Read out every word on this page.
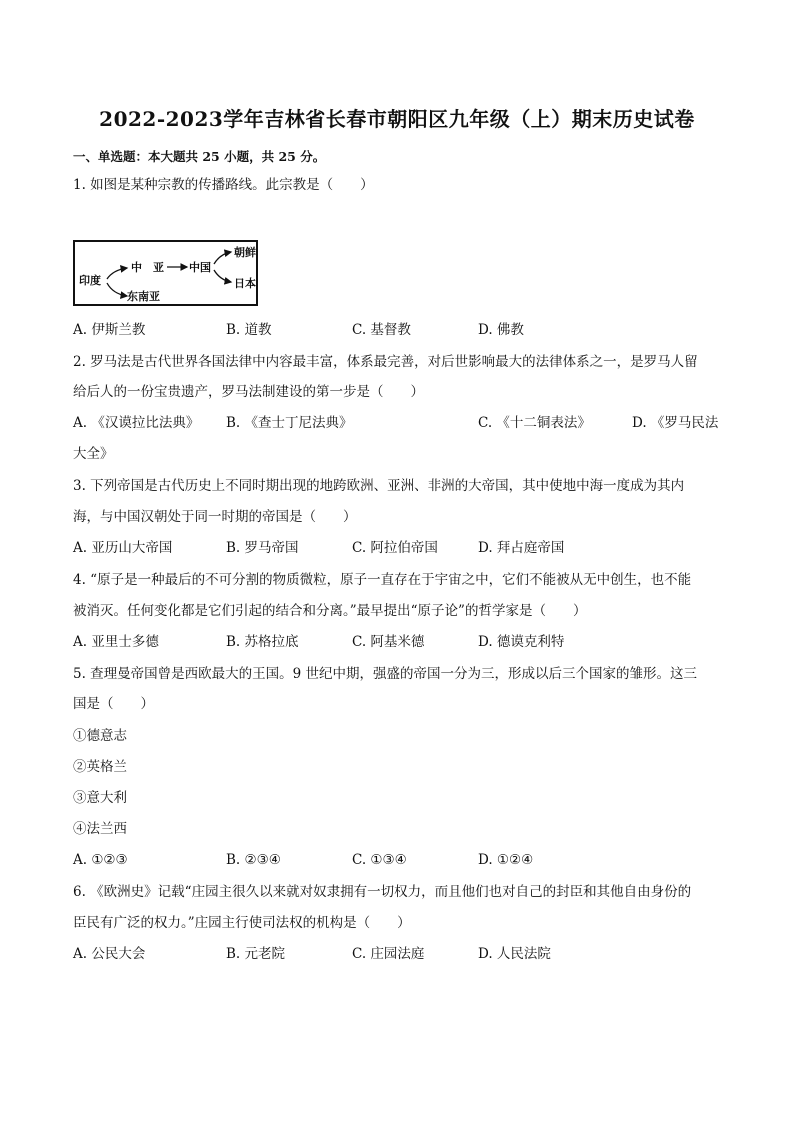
2022-2023学年吉林省长春市朝阳区九年级（上）期末历史试卷
一、单选题：本大题共 25 小题，共 25 分。
1. 如图是某种宗教的传播路线。此宗教是（　　）
印度
中　亚
东南亚
中国
朝鲜
日本
A. 伊斯兰教	B. 道教	C. 基督教	D. 佛教
2. 罗马法是古代世界各国法律中内容最丰富，体系最完善，对后世影响最大的法律体系之一，是罗马人留
给后人的一份宝贵遗产，罗马法制建设的第一步是（　　）
A. 《汉谟拉比法典》 B. 《查士丁尼法典》	C. 《十二铜表法》	D. 《罗马民法
大全》
3. 下列帝国是古代历史上不同时期出现的地跨欧洲、亚洲、非洲的大帝国，其中使地中海一度成为其内
海，与中国汉朝处于同一时期的帝国是（　　）
A. 亚历山大帝国	B. 罗马帝国	C. 阿拉伯帝国	D. 拜占庭帝国
4. “原子是一种最后的不可分割的物质微粒，原子一直存在于宇宙之中，它们不能被从无中创生，也不能
被消灭。任何变化都是它们引起的结合和分离。”最早提出“原子论”的哲学家是（　　）
A. 亚里士多德	B. 苏格拉底	C. 阿基米德	D. 德谟克利特
5. 查理曼帝国曾是西欧最大的王国。9 世纪中期，强盛的帝国一分为三，形成以后三个国家的雏形。这三
国是（　　）
①德意志
②英格兰
③意大利
④法兰西
A. ①②③	B. ②③④	C. ①③④	D. ①②④
6. 《欧洲史》记载“庄园主很久以来就对奴隶拥有一切权力，而且他们也对自己的封臣和其他自由身份的
臣民有广泛的权力。”庄园主行使司法权的机构是（　　）
A. 公民大会	B. 元老院	C. 庄园法庭	D. 人民法院
